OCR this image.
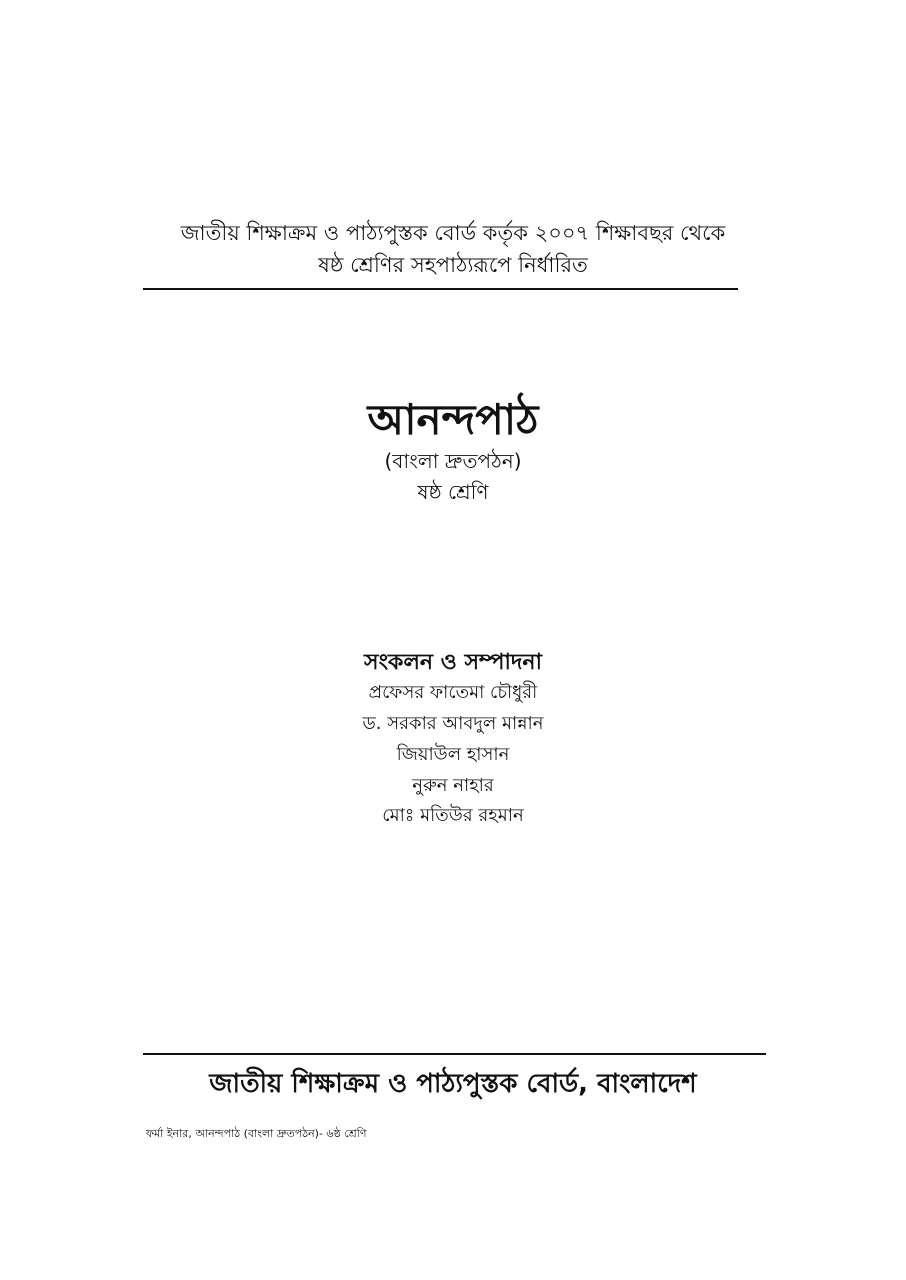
জাতীয় শিক্ষাক্রম ও পাঠ্যপুস্তক বোর্ড কর্তৃক ২০০৭ শিক্ষাবছর থেকে
ষষ্ঠ শ্রেণির সহপাঠ্যরূপে নির্ধারিত
আনন্দপাঠ
(বাংলা দ্রুতপঠন)
ষষ্ঠ শ্রেণি
সংকলন ও সম্পাদনা
প্রফেসর ফাতেমা চৌধুরী
ড. সরকার আবদুল মান্নান
জিয়াউল হাসান
নুরুন নাহার
মোঃ মতিউর রহমান
জাতীয় শিক্ষাক্রম ও পাঠ্যপুস্তক বোর্ড, বাংলাদেশ
ফর্মা ইনার, আনন্দপাঠ (বাংলা দ্রুতপঠন)- ৬ষ্ঠ শ্রেণি
